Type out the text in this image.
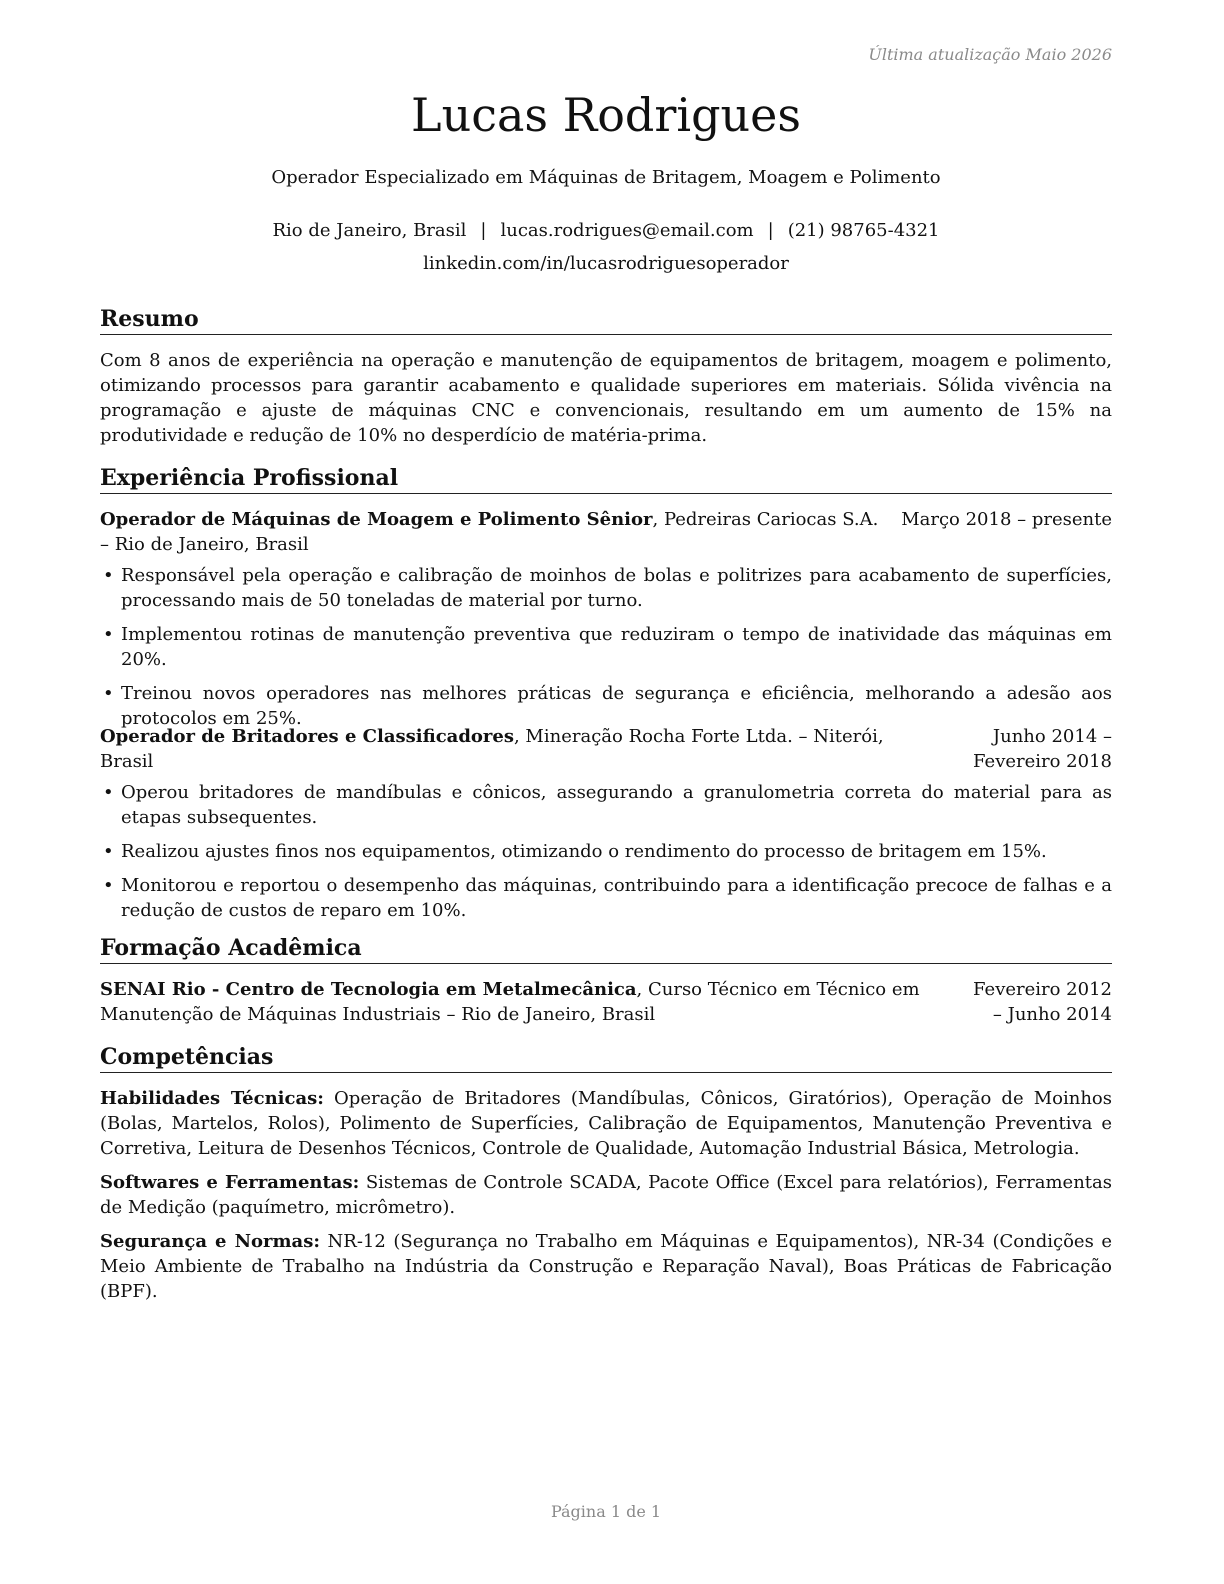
Última atualização Maio 2026
Lucas Rodrigues
Operador Especializado em Máquinas de Britagem, Moagem e Polimento
Rio de Janeiro, Brasil | lucas.rodrigues@email.com | (21) 98765-4321
linkedin.com/in/lucasrodriguesoperador
Resumo
Com 8 anos de experiência na operação e manutenção de equipamentos de britagem, moagem e polimento, otimizando processos para garantir acabamento e qualidade superiores em materiais. Sólida vivência na programação e ajuste de máquinas CNC e convencionais, resultando em um aumento de 15% na produtividade e redução de 10% no desperdício de matéria-prima.
Experiência Profissional
Operador de Máquinas de Moagem e Polimento Sênior, Pedreiras Cariocas S.A. – Rio de Janeiro, Brasil
Março 2018 – presente
• Responsável pela operação e calibração de moinhos de bolas e politrizes para acabamento de superfícies, processando mais de 50 toneladas de material por turno.
• Implementou rotinas de manutenção preventiva que reduziram o tempo de inatividade das máquinas em 20%.
• Treinou novos operadores nas melhores práticas de segurança e eficiência, melhorando a adesão aos protocolos em 25%.
Operador de Britadores e Classificadores, Mineração Rocha Forte Ltda. – Niterói, Brasil
Junho 2014 – Fevereiro 2018
• Operou britadores de mandíbulas e cônicos, assegurando a granulometria correta do material para as etapas subsequentes.
• Realizou ajustes finos nos equipamentos, otimizando o rendimento do processo de britagem em 15%.
• Monitorou e reportou o desempenho das máquinas, contribuindo para a identificação precoce de falhas e a redução de custos de reparo em 10%.
Formação Acadêmica
SENAI Rio - Centro de Tecnologia em Metalmecânica, Curso Técnico em Técnico em Manutenção de Máquinas Industriais – Rio de Janeiro, Brasil
Fevereiro 2012 – Junho 2014
Competências
Habilidades Técnicas: Operação de Britadores (Mandíbulas, Cônicos, Giratórios), Operação de Moinhos (Bolas, Martelos, Rolos), Polimento de Superfícies, Calibração de Equipamentos, Manutenção Preventiva e Corretiva, Leitura de Desenhos Técnicos, Controle de Qualidade, Automação Industrial Básica, Metrologia.
Softwares e Ferramentas: Sistemas de Controle SCADA, Pacote Office (Excel para relatórios), Ferramentas de Medição (paquímetro, micrômetro).
Segurança e Normas: NR-12 (Segurança no Trabalho em Máquinas e Equipamentos), NR-34 (Condições e Meio Ambiente de Trabalho na Indústria da Construção e Reparação Naval), Boas Práticas de Fabricação (BPF).
Página 1 de 1
